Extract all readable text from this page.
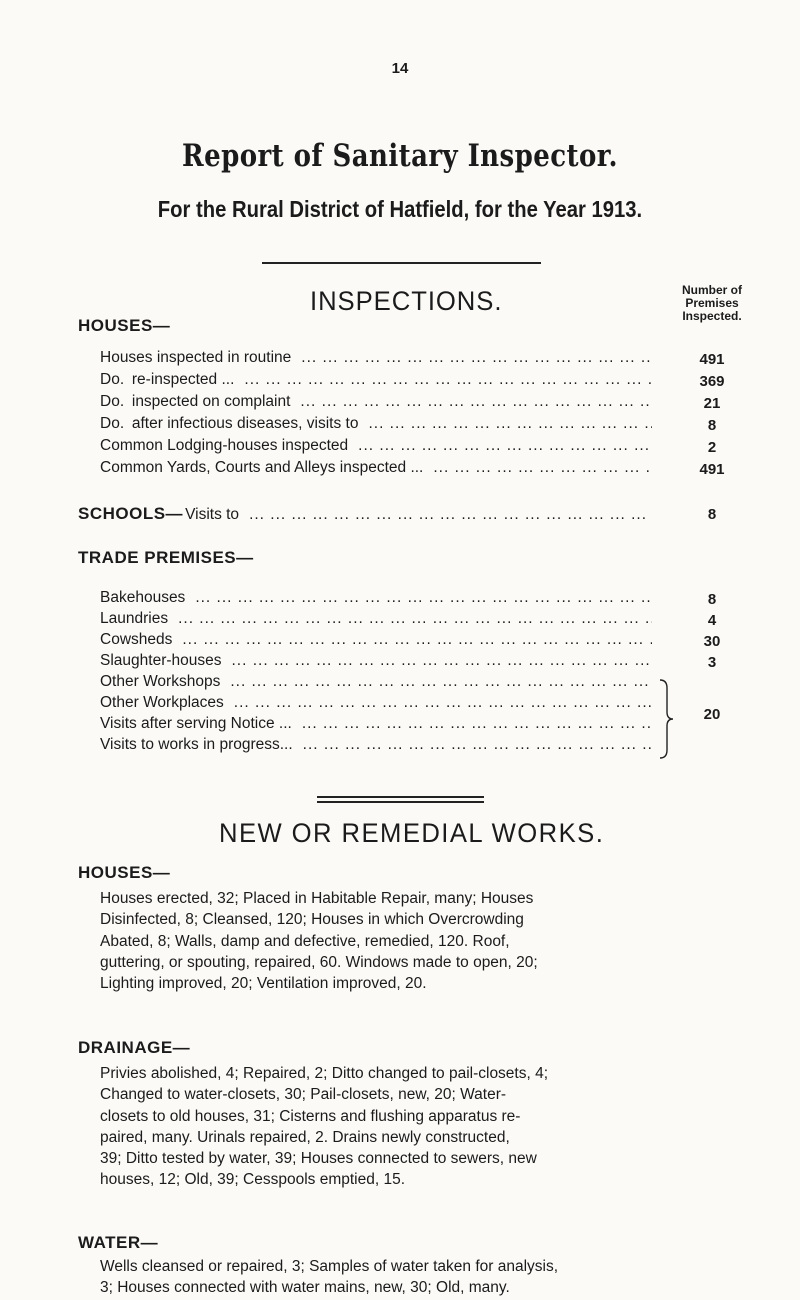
14
Report of Sanitary Inspector.
For the Rural District of Hatfield, for the Year 1913.
INSPECTIONS.
HOUSES—
Number of
Premises
Inspected.
Houses inspected in routine
... .
Do. re-inspected ...
... .
Do. inspected on complaint
... .
Do. after infectious diseases, visits to
... .
Common Lodging-houses inspected
... .
Common Yards, Courts and Alleys inspected ...
... .
491
369
21
8
2
491
SCHOOLS— Visits to
... .	8
TRADE PREMISES—
Bakehouses
... .
Laundries
... .
Cowsheds
... .
Slaughter-houses
... .
Other Workshops
... .
Other Workplaces
... .
Visits after serving Notice ...
... .
Visits to works in progress...
... .
8
4
30
3
20
NEW OR REMEDIAL WORKS.
HOUSES—
Houses erected, 32; Placed in Habitable Repair, many; Houses
Disinfected, 8; Cleansed, 120; Houses in which Overcrowding
Abated, 8; Walls, damp and defective, remedied, 120. Roof,
guttering, or spouting, repaired, 60. Windows made to open, 20;
Lighting improved, 20; Ventilation improved, 20.
DRAINAGE—
Privies abolished, 4; Repaired, 2; Ditto changed to pail-closets, 4;
Changed to water-closets, 30; Pail-closets, new, 20; Water-
closets to old houses, 31; Cisterns and flushing apparatus re-
paired, many. Urinals repaired, 2. Drains newly constructed,
39; Ditto tested by water, 39; Houses connected to sewers, new
houses, 12; Old, 39; Cesspools emptied, 15.
WATER—
Wells cleansed or repaired, 3; Samples of water taken for analysis,
3; Houses connected with water mains, new, 30; Old, many.
